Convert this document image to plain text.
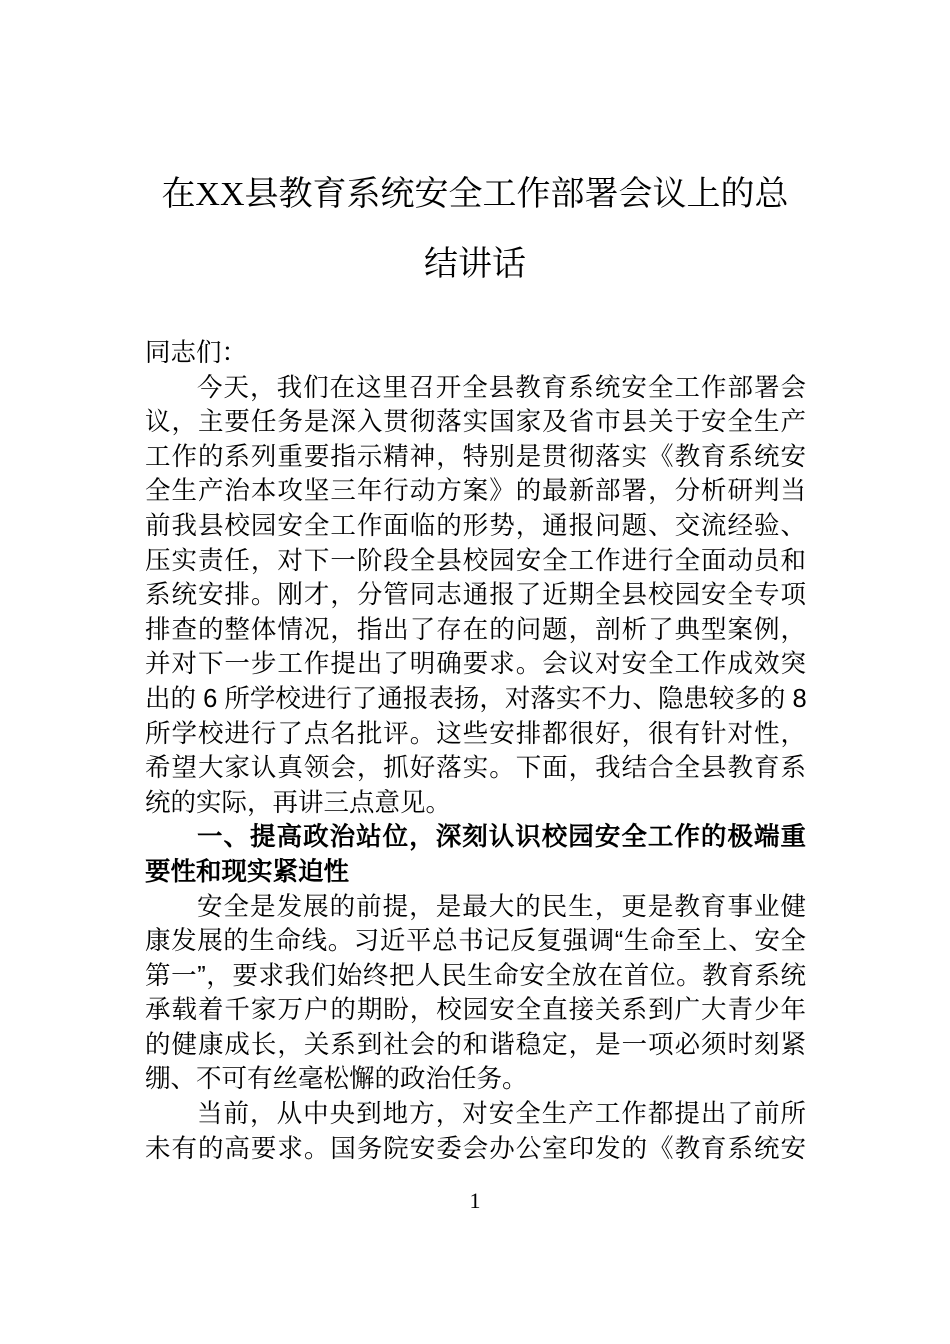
在XX县教育系统安全工作部署会议上的总
结讲话
同志们：
今天，我们在这里召开全县教育系统安全工作部署会
议，主要任务是深入贯彻落实国家及省市县关于安全生产
工作的系列重要指示精神，特别是贯彻落实《教育系统安
全生产治本攻坚三年行动方案》的最新部署，分析研判当
前我县校园安全工作面临的形势，通报问题、交流经验、
压实责任，对下一阶段全县校园安全工作进行全面动员和
系统安排。刚才，分管同志通报了近期全县校园安全专项
排查的整体情况，指出了存在的问题，剖析了典型案例，
并对下一步工作提出了明确要求。会议对安全工作成效突
出的 6 所学校进行了通报表扬，对落实不力、隐患较多的 8
所学校进行了点名批评。这些安排都很好，很有针对性，
希望大家认真领会，抓好落实。下面，我结合全县教育系
统的实际，再讲三点意见。
一、提高政治站位，深刻认识校园安全工作的极端重
要性和现实紧迫性
安全是发展的前提，是最大的民生，更是教育事业健
康发展的生命线。习近平总书记反复强调“生命至上、安全
第一”，要求我们始终把人民生命安全放在首位。教育系统
承载着千家万户的期盼，校园安全直接关系到广大青少年
的健康成长，关系到社会的和谐稳定，是一项必须时刻紧
绷、不可有丝毫松懈的政治任务。
当前，从中央到地方，对安全生产工作都提出了前所
未有的高要求。国务院安委会办公室印发的《教育系统安
1
